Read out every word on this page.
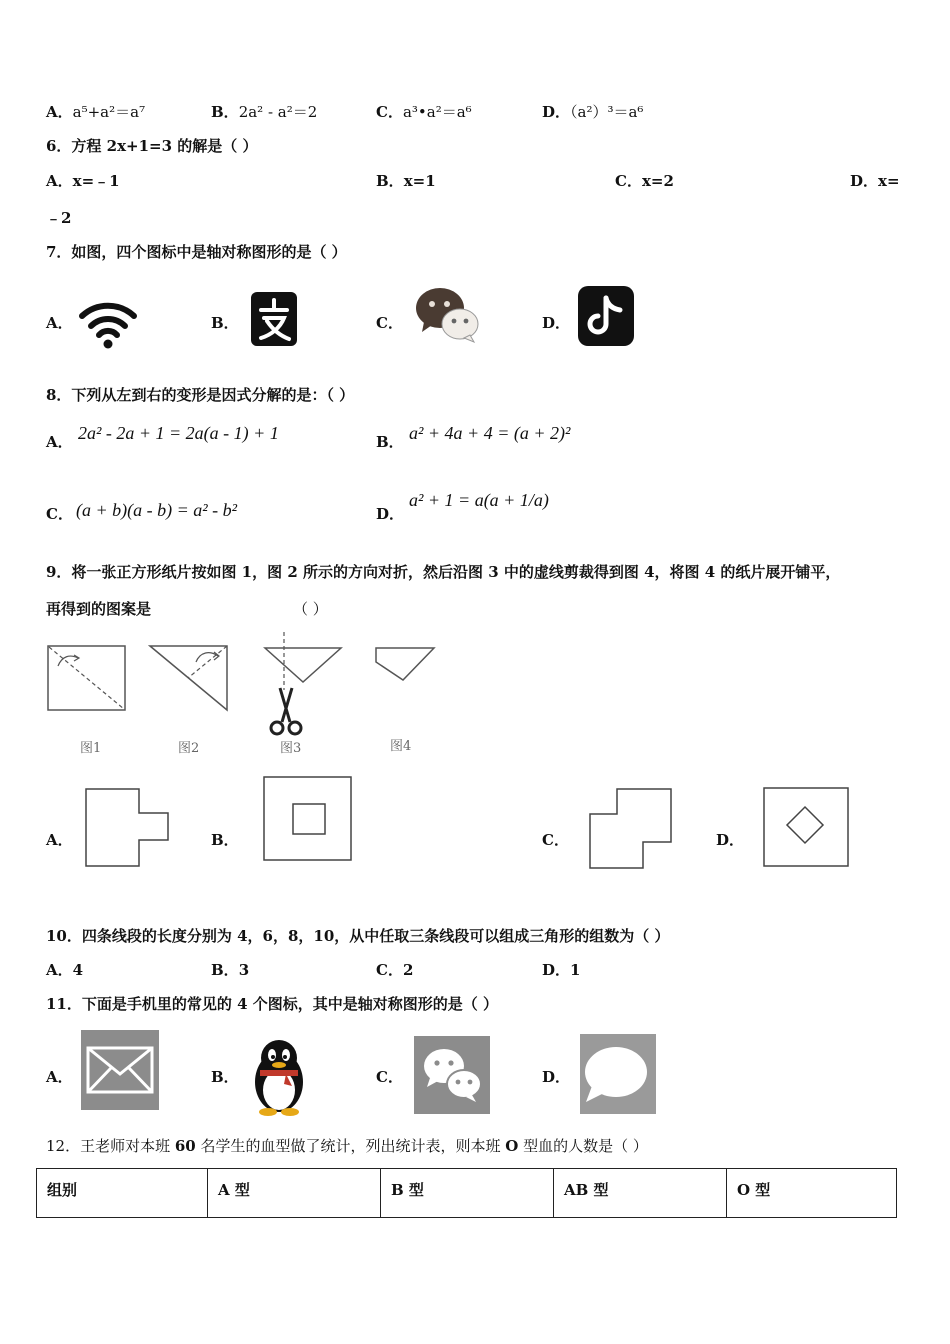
A．a⁵+a²＝a⁷	B．2a² - a²＝2	C．a³•a²＝a⁶	D．（a²）³＝a⁶
6．方程 2x+1=3 的解是（ ）
A．x=﹣1	B．x=1	C．x=2	D．x=
﹣2
7．如图，四个图标中是轴对称图形的是（ ）
A．	B．	C．	D．
8．下列从左到右的变形是因式分解的是：（ ）
A． 2a² - 2a + 1 = 2a(a - 1) + 1	B． a² + 4a + 4 = (a + 2)²
C． (a + b)(a - b) = a² - b²	D．
a² + 1 = a(a + 1/a)
9．将一张正方形纸片按如图 1，图 2 所示的方向对折，然后沿图 3 中的虚线剪裁得到图 4，将图 4 的纸片展开铺平，
再得到的图案是	（ ）
图1	图2	图3	图4
A．	B．	C．	D．
10．四条线段的长度分别为 4，6，8，10，从中任取三条线段可以组成三角形的组数为（ ）
A．4	B．3	C．2	D．1
11．下面是手机里的常见的 4 个图标，其中是轴对称图形的是（ ）
A．	B．	C．	D．
12．王老师对本班 60 名学生的血型做了统计，列出统计表，则本班 O 型血的人数是（ ）
组别	A 型	B 型	AB 型	O 型
